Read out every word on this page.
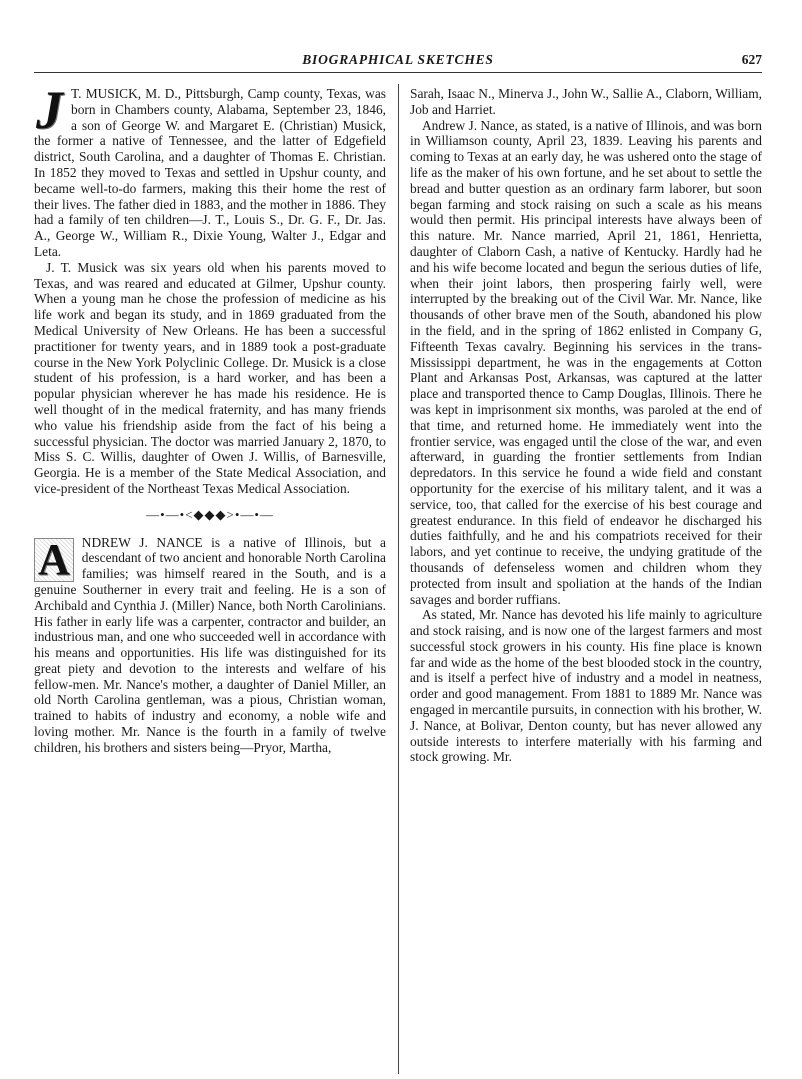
BIOGRAPHICAL SKETCHES	627

J T. MUSICK, M. D., Pittsburgh, Camp county, Texas, was born in Chambers county, Alabama, September 23, 1846, a son of George W. and Margaret E. (Christian) Musick, the former a native of Tennessee, and the latter of Edgefield district, South Carolina, and a daughter of Thomas E. Christian. In 1852 they moved to Texas and settled in Upshur county, and became well-to-do farmers, making this their home the rest of their lives. The father died in 1883, and the mother in 1886. They had a family of ten children—J. T., Louis S., Dr. G. F., Dr. Jas. A., George W., William R., Dixie Young, Walter J., Edgar and Leta.

J. T. Musick was six years old when his parents moved to Texas, and was reared and educated at Gilmer, Upshur county. When a young man he chose the profession of medicine as his life work and began its study, and in 1869 graduated from the Medical University of New Orleans. He has been a successful practitioner for twenty years, and in 1889 took a post-graduate course in the New York Polyclinic College. Dr. Musick is a close student of his profession, is a hard worker, and has been a popular physician wherever he has made his residence. He is well thought of in the medical fraternity, and has many friends who value his friendship aside from the fact of his being a successful physician. The doctor was married January 2, 1870, to Miss S. C. Willis, daughter of Owen J. Willis, of Barnesville, Georgia. He is a member of the State Medical Association, and vice-president of the Northeast Texas Medical Association.

—•—•<◆◆◆>•—•—

A NDREW J. NANCE is a native of Illinois, but a descendant of two ancient and honorable North Carolina families; was himself reared in the South, and is a genuine Southerner in every trait and feeling. He is a son of Archibald and Cynthia J. (Miller) Nance, both North Carolinians. His father in early life was a carpenter, contractor and builder, an industrious man, and one who succeeded well in accordance with his means and opportunities. His life was distinguished for its great piety and devotion to the interests and welfare of his fellow-men. Mr. Nance's mother, a daughter of Daniel Miller, an old North Carolina gentleman, was a pious, Christian woman, trained to habits of industry and economy, a noble wife and loving mother. Mr. Nance is the fourth in a family of twelve children, his brothers and sisters being—Pryor, Martha,

Sarah, Isaac N., Minerva J., John W., Sallie A., Claborn, William, Job and Harriet.

Andrew J. Nance, as stated, is a native of Illinois, and was born in Williamson county, April 23, 1839. Leaving his parents and coming to Texas at an early day, he was ushered onto the stage of life as the maker of his own fortune, and he set about to settle the bread and butter question as an ordinary farm laborer, but soon began farming and stock raising on such a scale as his means would then permit. His principal interests have always been of this nature. Mr. Nance married, April 21, 1861, Henrietta, daughter of Claborn Cash, a native of Kentucky. Hardly had he and his wife become located and begun the serious duties of life, when their joint labors, then prospering fairly well, were interrupted by the breaking out of the Civil War. Mr. Nance, like thousands of other brave men of the South, abandoned his plow in the field, and in the spring of 1862 enlisted in Company G, Fifteenth Texas cavalry. Beginning his services in the trans-Mississippi department, he was in the engagements at Cotton Plant and Arkansas Post, Arkansas, was captured at the latter place and transported thence to Camp Douglas, Illinois. There he was kept in imprisonment six months, was paroled at the end of that time, and returned home. He immediately went into the frontier service, was engaged until the close of the war, and even afterward, in guarding the frontier settlements from Indian depredators. In this service he found a wide field and constant opportunity for the exercise of his military talent, and it was a service, too, that called for the exercise of his best courage and greatest endurance. In this field of endeavor he discharged his duties faithfully, and he and his compatriots received for their labors, and yet continue to receive, the undying gratitude of the thousands of defenseless women and children whom they protected from insult and spoliation at the hands of the Indian savages and border ruffians.

As stated, Mr. Nance has devoted his life mainly to agriculture and stock raising, and is now one of the largest farmers and most successful stock growers in his county. His fine place is known far and wide as the home of the best blooded stock in the country, and is itself a perfect hive of industry and a model in neatness, order and good management. From 1881 to 1889 Mr. Nance was engaged in mercantile pursuits, in connection with his brother, W. J. Nance, at Bolivar, Denton county, but has never allowed any outside interests to interfere materially with his farming and stock growing. Mr.
